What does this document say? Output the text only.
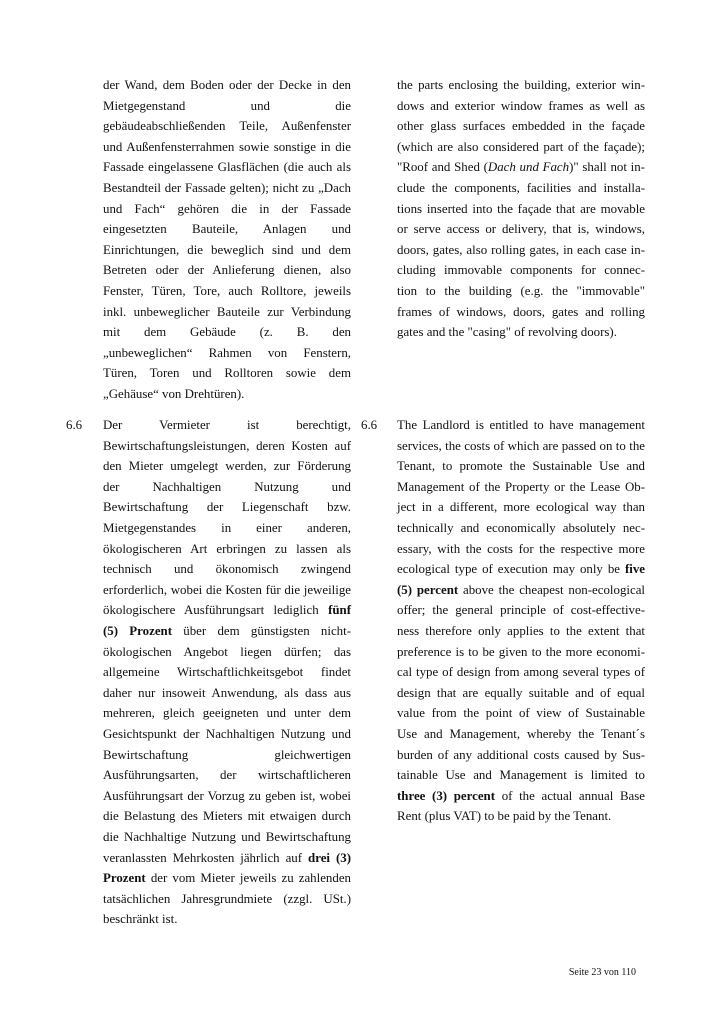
6.6	6.6
Seite 23 von 110

der Wand, dem Boden oder der Decke in den

Mietgegenstand und die

gebäudeabschließenden Teile, Außenfenster

und Außenfensterrahmen sowie sonstige in die

Fassade eingelassene Glasflächen (die auch als

Bestandteil der Fassade gelten); nicht zu „Dach

und Fach“ gehören die in der Fassade

eingesetzten Bauteile, Anlagen und

Einrichtungen, die beweglich sind und dem

Betreten oder der Anlieferung dienen, also

Fenster, Türen, Tore, auch Rolltore, jeweils

inkl. unbeweglicher Bauteile zur Verbindung

mit dem Gebäude (z. B. den

„unbeweglichen“ Rahmen von Fenstern,

Türen, Toren und Rolltoren sowie dem

„Gehäuse“ von Drehtüren).

the parts enclosing the building, exterior win-

dows and exterior window frames as well as

other glass surfaces embedded in the façade

(which are also considered part of the façade);

"Roof and Shed (Dach und Fach)" shall not in-

clude the components, facilities and installa-

tions inserted into the façade that are movable

or serve access or delivery, that is, windows,

doors, gates, also rolling gates, in each case in-

cluding immovable components for connec-

tion to the building (e.g. the "immovable"

frames of windows, doors, gates and rolling

gates and the "casing" of revolving doors).

Der Vermieter ist berechtigt,

Bewirtschaftungsleistungen, deren Kosten auf

den Mieter umgelegt werden, zur Förderung

der Nachhaltigen Nutzung und

Bewirtschaftung der Liegenschaft bzw.

Mietgegenstandes in einer anderen,

ökologischeren Art erbringen zu lassen als

technisch und ökonomisch zwingend

erforderlich, wobei die Kosten für die jeweilige

ökologischere Ausführungsart lediglich fünf

(5) Prozent über dem günstigsten nicht-

ökologischen Angebot liegen dürfen; das

allgemeine Wirtschaftlichkeitsgebot findet

daher nur insoweit Anwendung, als dass aus

mehreren, gleich geeigneten und unter dem

Gesichtspunkt der Nachhaltigen Nutzung und

Bewirtschaftung gleichwertigen

Ausführungsarten, der wirtschaftlicheren

Ausführungsart der Vorzug zu geben ist, wobei

die Belastung des Mieters mit etwaigen durch

die Nachhaltige Nutzung und Bewirtschaftung

veranlassten Mehrkosten jährlich auf drei (3)

Prozent der vom Mieter jeweils zu zahlenden

tatsächlichen Jahresgrundmiete (zzgl. USt.)

beschränkt ist.

The Landlord is entitled to have management

services, the costs of which are passed on to the

Tenant, to promote the Sustainable Use and

Management of the Property or the Lease Ob-

ject in a different, more ecological way than

technically and economically absolutely nec-

essary, with the costs for the respective more

ecological type of execution may only be five

(5) percent above the cheapest non-ecological

offer; the general principle of cost-effective-

ness therefore only applies to the extent that

preference is to be given to the more economi-

cal type of design from among several types of

design that are equally suitable and of equal

value from the point of view of Sustainable

Use and Management, whereby the Tenant´s

burden of any additional costs caused by Sus-

tainable Use and Management is limited to

three (3) percent of the actual annual Base

Rent (plus VAT) to be paid by the Tenant.
